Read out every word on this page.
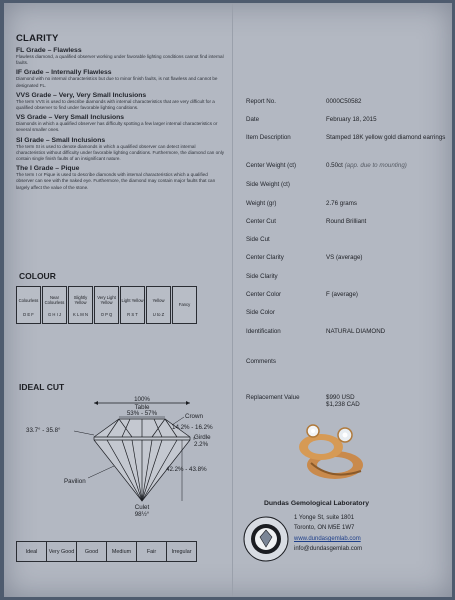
CLARITY
FL Grade – Flawless
Flawless diamond, a qualified observer working under favorable lighting conditions cannot find internal faults.
IF Grade – Internally Flawless
Diamond with no internal characteristics but due to minor finish faults, is not flawless and cannot be designated FL.
VVS Grade – Very, Very Small Inclusions
The term VVS is used to describe diamonds with internal characteristics that are very difficult for a qualified observer to find under favorable lighting conditions.
VS Grade – Very Small Inclusions
Diamonds in which a qualified observer has difficulty spotting a few larger internal characteristics or several smaller ones.
SI Grade – Small Inclusions
The term SI is used to denote diamonds in which a qualified observer can detect internal characteristics without difficulty under favorable lighting conditions. Furthermore, the diamond can only contain single finish faults of an insignificant nature.
The I Grade – Pique
The term I or Pique is used to describe diamonds with internal characteristics which a qualified observer can see with the naked eye. Furthermore, the diamond may contain major faults that can largely affect the value of the stone.
COLOUR
Colourless
D E F
Near Colourless
G H I J
Slightly Yellow
K L M N
Very Light Yellow
O P Q
Light Yellow
R S T
Yellow
U to Z
Fancy
IDEAL CUT
100%
Table
53% - 57%	Crown
14.2% - 16.2%
33.7° - 35.8°
Girdle
2.2%
42.2% - 43.8%
Pavilion
Culet
98½°
Ideal	Very Good	Good	Medium	Fair	Irregular
Report No.	0000C50582
Date	February 18, 2015
Item Description	Stamped 18K yellow gold diamond earrings
Center Weight (ct)	0.50ct (app. due to mounting)
Side Weight (ct)
Weight (gr)	2.76 grams
Center Cut	Round Brilliant
Side Cut
Center Clarity	VS (average)
Side Clarity
Center Color	F (average)
Side Color
Identification	NATURAL DIAMOND
Comments
Replacement Value	$990 USD
$1,238 CAD
Dundas Gemological Laboratory
1 Yonge St, suite 1801
Toronto, ON M5E 1W7
www.dundasgemlab.com
info@dundasgemlab.com
